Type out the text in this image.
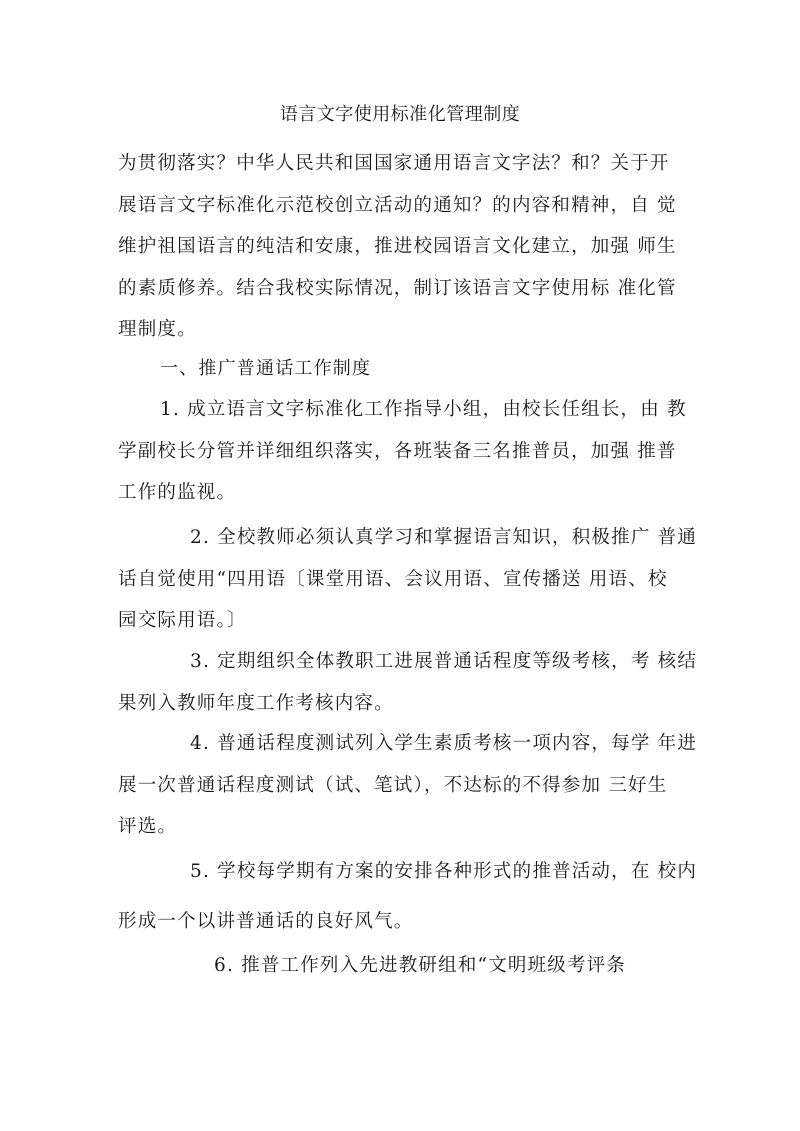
语言文字使用标准化管理制度
为贯彻落实？中华人民共和国国家通用语言文字法？和？关于开
展语言文字标准化示范校创立活动的通知？的内容和精神，自 觉
维护祖国语言的纯洁和安康，推进校园语言文化建立，加强 师生
的素质修养。结合我校实际情况，制订该语言文字使用标 准化管
理制度。
一、推广普通话工作制度
1. 成立语言文字标准化工作指导小组，由校长任组长，由 教
学副校长分管并详细组织落实，各班装备三名推普员，加强 推普
工作的监视。
2. 全校教师必须认真学习和掌握语言知识，积极推广 普通
话自觉使用“四用语〔课堂用语、会议用语、宣传播送 用语、校
园交际用语。〕
3. 定期组织全体教职工进展普通话程度等级考核，考 核结
果列入教师年度工作考核内容。
4. 普通话程度测试列入学生素质考核一项内容，每学 年进
展一次普通话程度测试（试、笔试），不达标的不得参加 三好生
评选。
5. 学校每学期有方案的安排各种形式的推普活动，在 校内
形成一个以讲普通话的良好风气。
6. 推普工作列入先进教研组和“文明班级考评条
